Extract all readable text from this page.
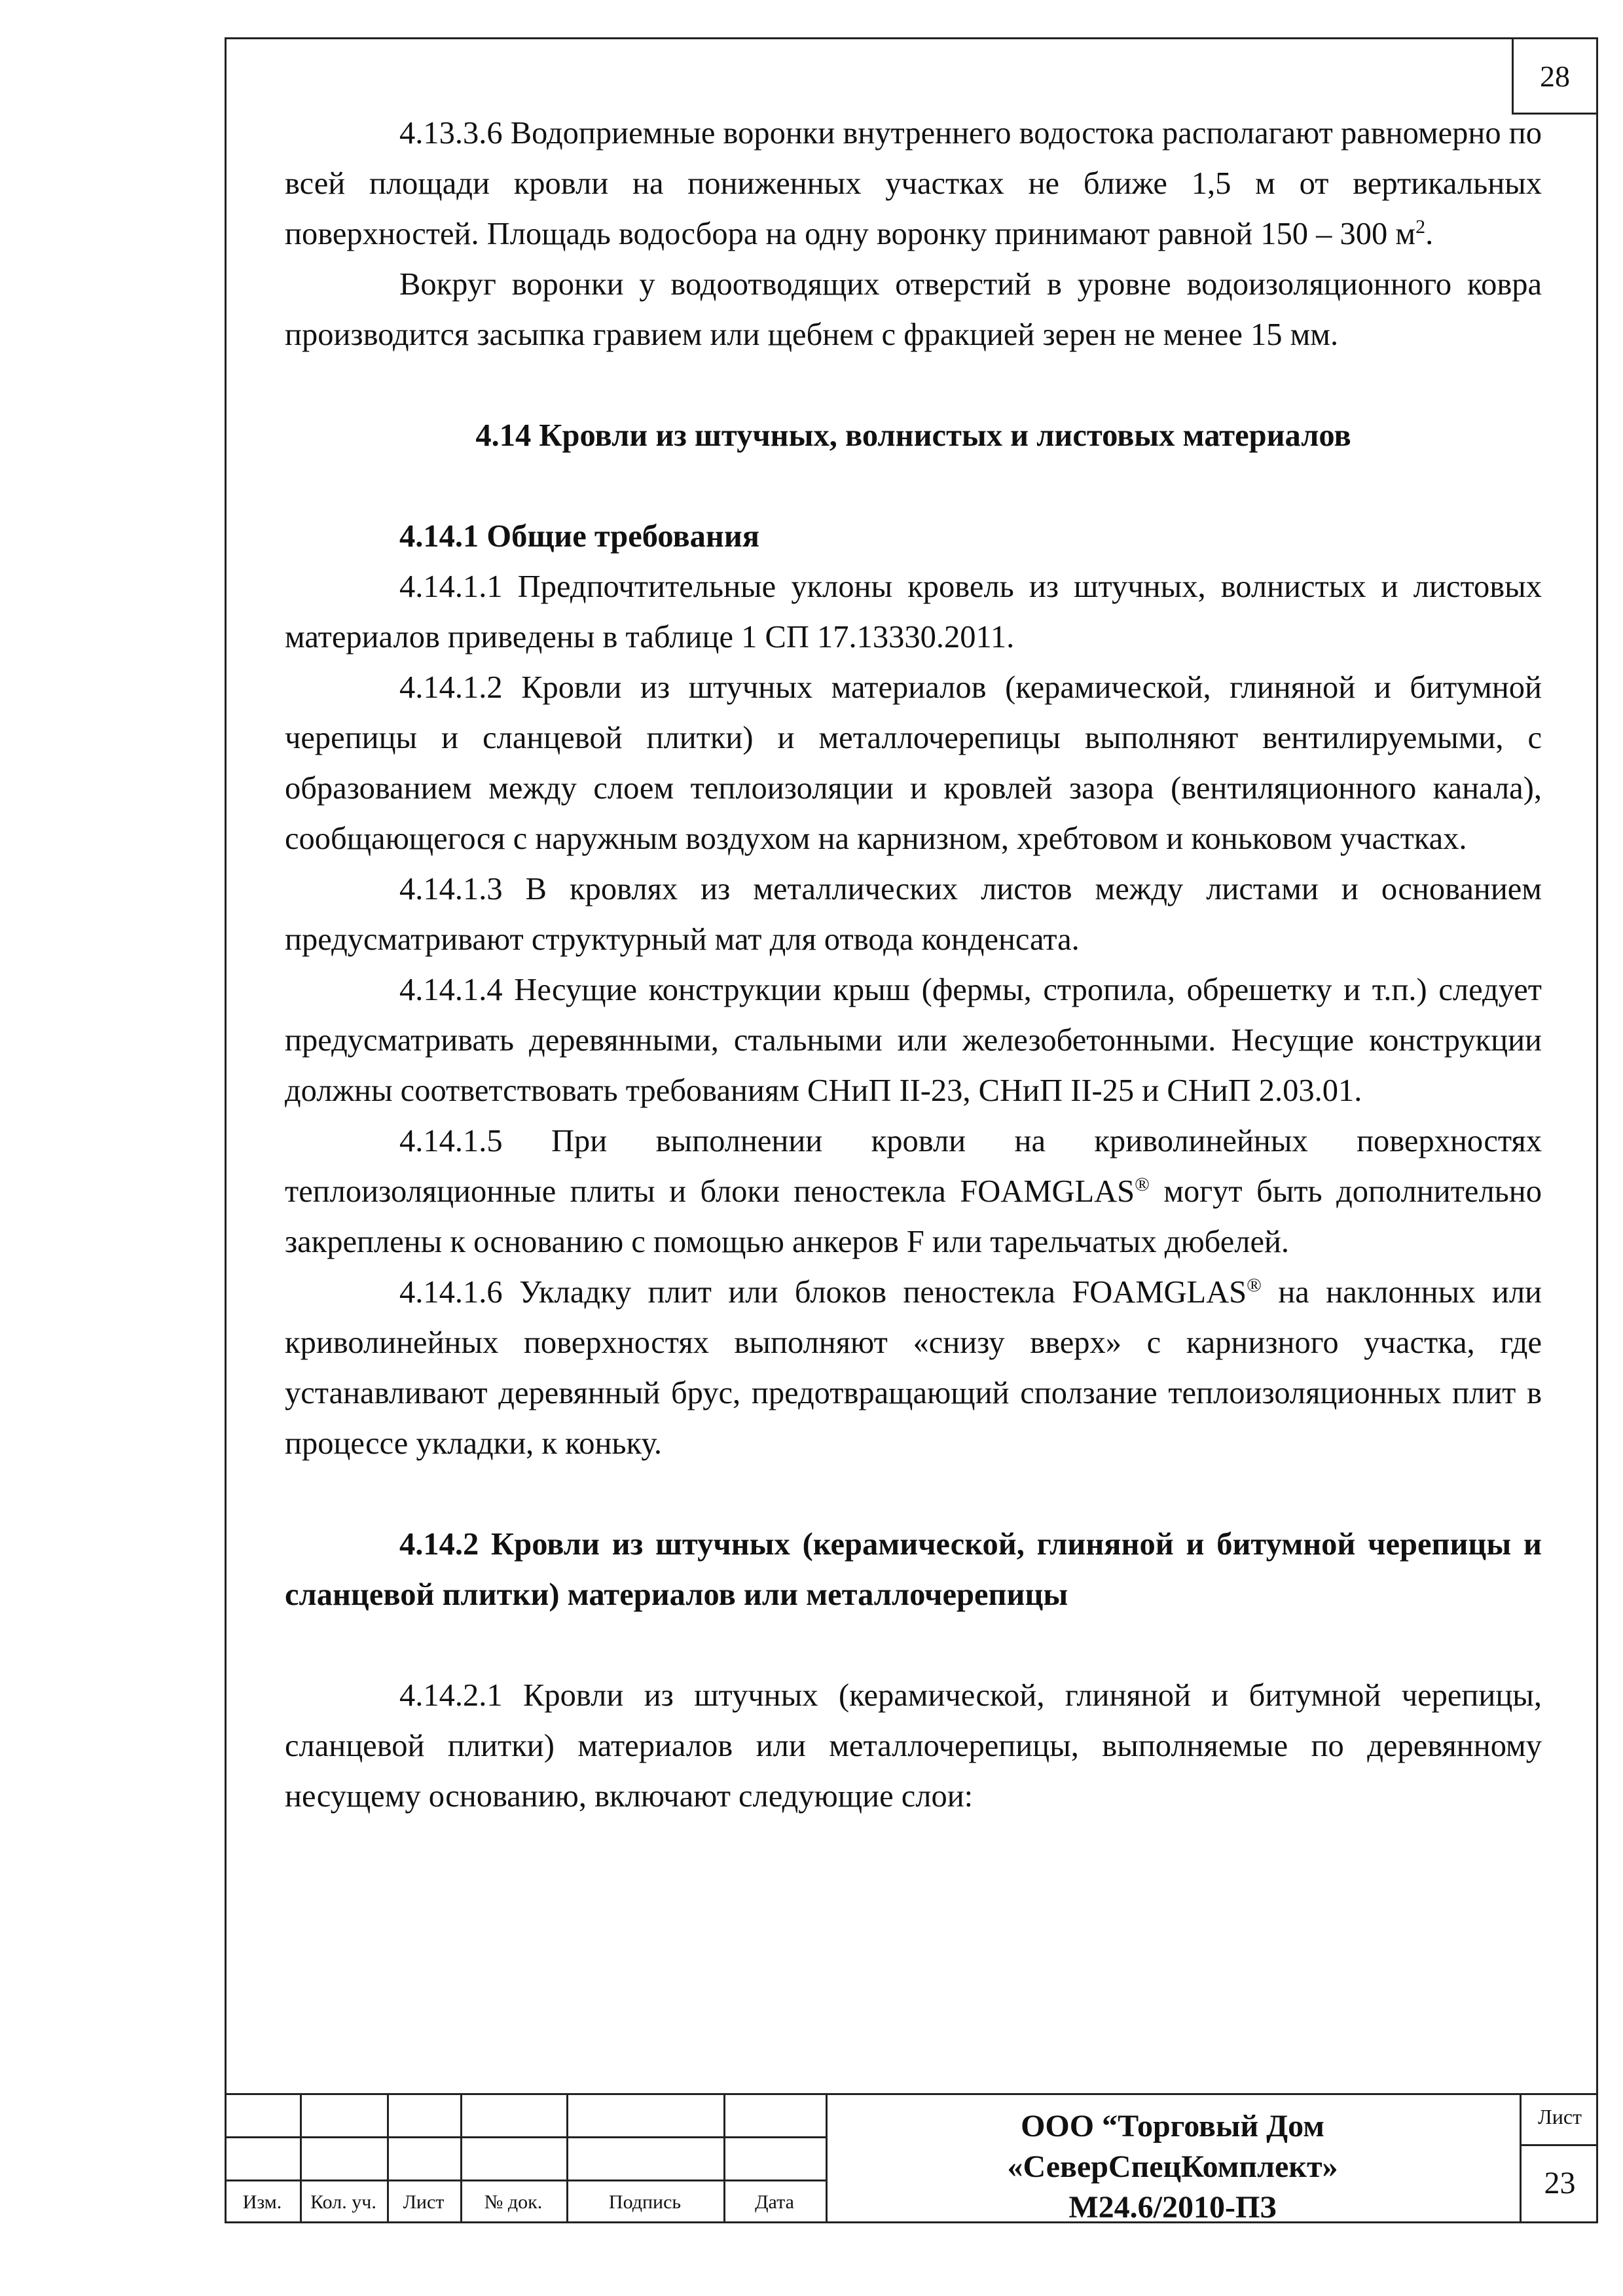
28

4.13.3.6 Водоприемные воронки внутреннего водостока располагают равномерно по всей площади кровли на пониженных участках не ближе 1,5 м от вертикальных поверхностей. Площадь водосбора на одну воронку принимают равной 150 – 300 $м^2$.

Вокруг воронки у водоотводящих отверстий в уровне водоизоляционного ковра производится засыпка гравием или щебнем с фракцией зерен не менее 15 мм.

4.14 Кровли из штучных, волнистых и листовых материалов

4.14.1 Общие требования

4.14.1.1 Предпочтительные уклоны кровель из штучных, волнистых и листовых материалов приведены в таблице 1 СП 17.13330.2011.

4.14.1.2 Кровли из штучных материалов (керамической, глиняной и битумной черепицы и сланцевой плитки) и металлочерепицы выполняют вентилируемыми, с образованием между слоем теплоизоляции и кровлей зазора (вентиляционного канала), сообщающегося с наружным воздухом на карнизном, хребтовом и коньковом участках.

4.14.1.3 В кровлях из металлических листов между листами и основанием предусматривают структурный мат для отвода конденсата.

4.14.1.4 Несущие конструкции крыш (фермы, стропила, обрешетку и т.п.) следует предусматривать деревянными, стальными или железобетонными. Несущие конструкции должны соответствовать требованиям СНиП II-23, СНиП II-25 и СНиП 2.03.01.

4.14.1.5 При выполнении кровли на криволинейных поверхностях теплоизоляционные плиты и блоки пеностекла FOAMGLAS® могут быть дополнительно закреплены к основанию с помощью анкеров F или тарельчатых дюбелей.

4.14.1.6 Укладку плит или блоков пеностекла FOAMGLAS® на наклонных или криволинейных поверхностях выполняют «снизу вверх» с карнизного участка, где устанавливают деревянный брус, предотвращающий сползание теплоизоляционных плит в процессе укладки, к коньку.

4.14.2 Кровли из штучных (керамической, глиняной и битумной черепицы и сланцевой плитки) материалов или металлочерепицы

4.14.2.1 Кровли из штучных (керамической, глиняной и битумной черепицы, сланцевой плитки) материалов или металлочерепицы, выполняемые по деревянному несущему основанию, включают следующие слои:

Изм.	Кол. уч.	Лист	№ док.	Подпись	Дата
ООО “Торговый Дом
«СеверСпецКомплект»
М24.6/2010-ПЗ
Лист
23
